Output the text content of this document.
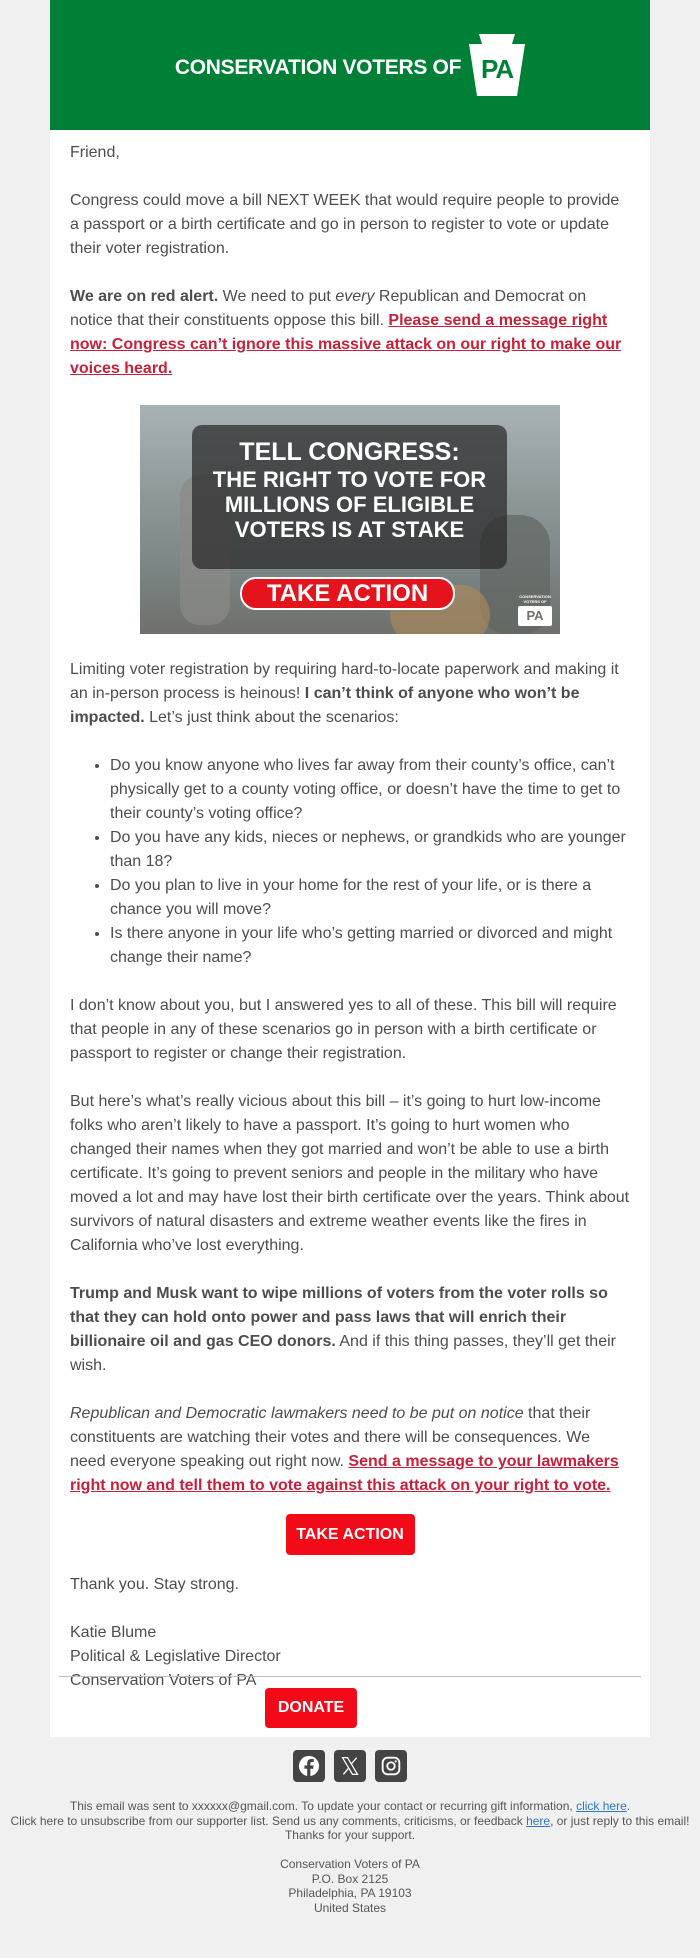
CONSERVATION VOTERS OF PA

Friend,

Congress could move a bill NEXT WEEK that would require people to provide a passport or a birth certificate and go in person to register to vote or update their voter registration.

We are on red alert. We need to put every Republican and Democrat on notice that their constituents oppose this bill. Please send a message right now: Congress can’t ignore this massive attack on our right to make our voices heard.

TELL CONGRESS:
THE RIGHT TO VOTE FOR
MILLIONS OF ELIGIBLE
VOTERS IS AT STAKE
TAKE ACTION	CONSERVATION VOTERS OF
PA

Limiting voter registration by requiring hard-to-locate paperwork and making it an in-person process is heinous! I can’t think of anyone who won’t be impacted. Let’s just think about the scenarios:

• Do you know anyone who lives far away from their county’s office, can’t physically get to a county voting office, or doesn’t have the time to get to their county’s voting office?
• Do you have any kids, nieces or nephews, or grandkids who are younger than 18?
• Do you plan to live in your home for the rest of your life, or is there a chance you will move?
• Is there anyone in your life who’s getting married or divorced and might change their name?

I don’t know about you, but I answered yes to all of these. This bill will require that people in any of these scenarios go in person with a birth certificate or passport to register or change their registration.

But here’s what’s really vicious about this bill – it’s going to hurt low-income folks who aren’t likely to have a passport. It’s going to hurt women who changed their names when they got married and won’t be able to use a birth certificate. It’s going to prevent seniors and people in the military who have moved a lot and may have lost their birth certificate over the years. Think about survivors of natural disasters and extreme weather events like the fires in California who’ve lost everything.

Trump and Musk want to wipe millions of voters from the voter rolls so that they can hold onto power and pass laws that will enrich their billionaire oil and gas CEO donors. And if this thing passes, they’ll get their wish.

Republican and Democratic lawmakers need to be put on notice that their constituents are watching their votes and there will be consequences. We need everyone speaking out right now. Send a message to your lawmakers right now and tell them to vote against this attack on your right to vote.

TAKE ACTION

Thank you. Stay strong.

Katie Blume

Political & Legislative Director

Conservation Voters of PA

DONATE
This email was sent to xxxxxx@gmail.com. To update your contact or recurring gift information, click here.
Click here to unsubscribe from our supporter list. Send us any comments, criticisms, or feedback here, or just reply to this email! Thanks for your support.
Conservation Voters of PA
P.O. Box 2125
Philadelphia, PA 19103
United States
